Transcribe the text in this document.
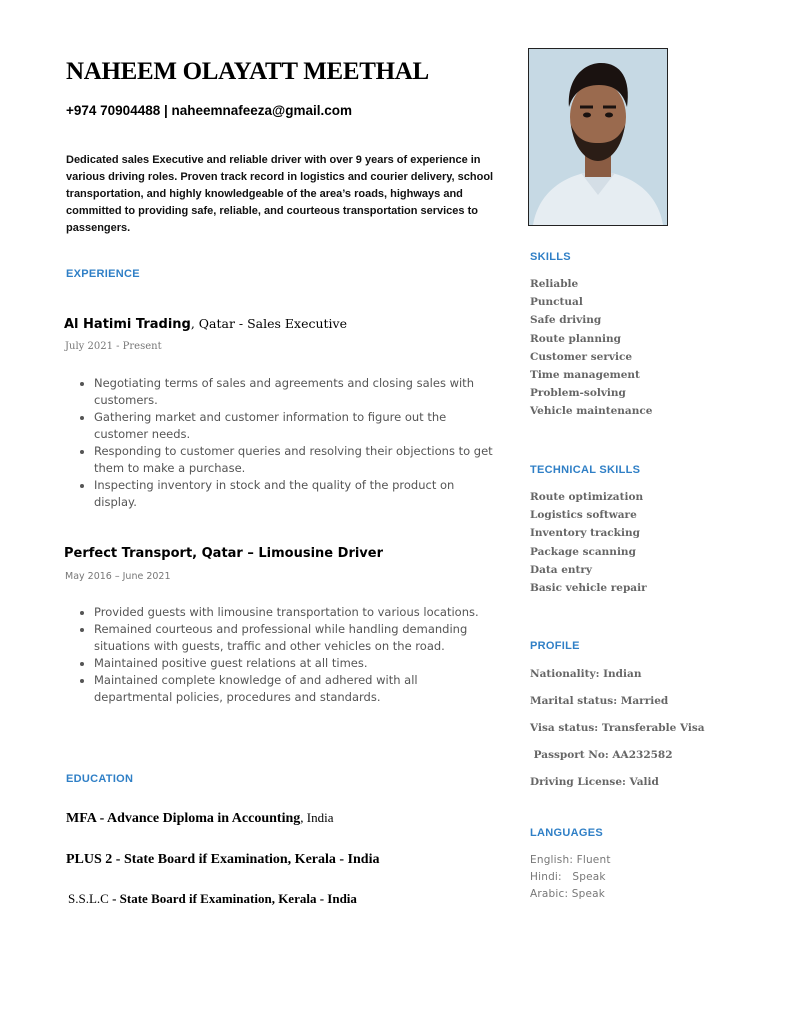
NAHEEM OLAYATT MEETHAL
+974 70904488 | naheemnafeeza@gmail.com
Dedicated sales Executive and reliable driver with over 9 years of experience in various driving roles. Proven track record in logistics and courier delivery, school transportation, and highly knowledgeable of the area’s roads, highways and committed to providing safe, reliable, and courteous transportation services to passengers.
EXPERIENCE
Al Hatimi Trading, Qatar - Sales Executive
July 2021 - Present
• Negotiating terms of sales and agreements and closing sales with customers.
• Gathering market and customer information to figure out the customer needs.
• Responding to customer queries and resolving their objections to get them to make a purchase.
• Inspecting inventory in stock and the quality of the product on display.
Perfect Transport, Qatar – Limousine Driver
May 2016 – June 2021
• Provided guests with limousine transportation to various locations.
• Remained courteous and professional while handling demanding situations with guests, traffic and other vehicles on the road.
• Maintained positive guest relations at all times.
• Maintained complete knowledge of and adhered with all departmental policies, procedures and standards.
EDUCATION
MFA - Advance Diploma in Accounting, India
PLUS 2 - State Board if Examination, Kerala - India
S.S.L.C - State Board if Examination, Kerala - India
SKILLS
Reliable
Punctual
Safe driving
Route planning
Customer service
Time management
Problem-solving
Vehicle maintenance
TECHNICAL SKILLS
Route optimization
Logistics software
Inventory tracking
Package scanning
Data entry
Basic vehicle repair
PROFILE
Nationality: Indian
Marital status: Married
Visa status: Transferable Visa
Passport No: AA232582
Driving License: Valid
LANGUAGES
English: Fluent
Hindi:   Speak
Arabic: Speak
